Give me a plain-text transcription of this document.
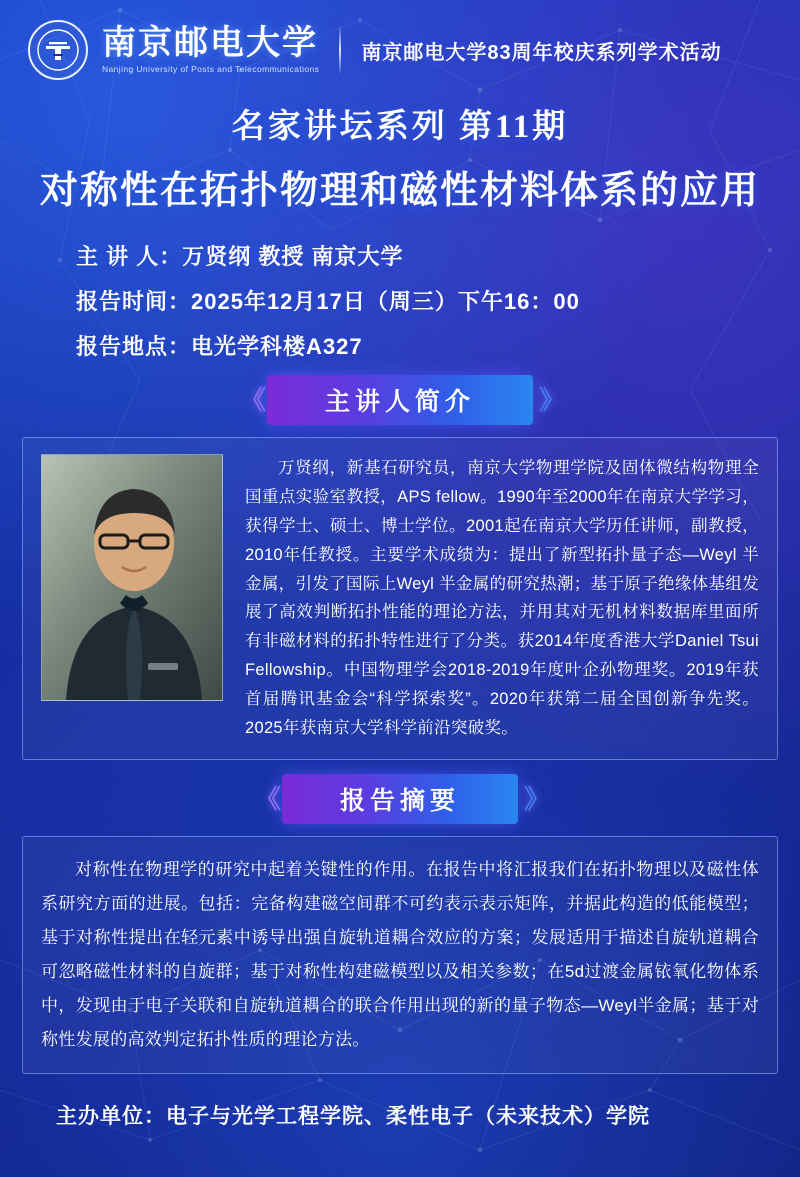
南京邮电大学
Nanjing University of Posts and Telecommunications
南京邮电大学83周年校庆系列学术活动
名家讲坛系列 第11期
对称性在拓扑物理和磁性材料体系的应用
主 讲 人：万贤纲 教授 南京大学
报告时间：2025年12月17日（周三）下午16：00
报告地点：电光学科楼A327
《	主讲人简介	》
万贤纲，新基石研究员，南京大学物理学院及固体微结构物理全国重点实验室教授，APS fellow。1990年至2000年在南京大学学习，获得学士、硕士、博士学位。2001起在南京大学历任讲师，副教授，2010年任教授。主要学术成绩为：提出了新型拓扑量子态—Weyl 半金属，引发了国际上Weyl 半金属的研究热潮；基于原子绝缘体基组发展了高效判断拓扑性能的理论方法，并用其对无机材料数据库里面所有非磁材料的拓扑特性进行了分类。获2014年度香港大学Daniel Tsui Fellowship。中国物理学会2018-2019年度叶企孙物理奖。2019年获首届腾讯基金会“科学探索奖”。2020年获第二届全国创新争先奖。2025年获南京大学科学前沿突破奖。
《	报告摘要	》
对称性在物理学的研究中起着关键性的作用。在报告中将汇报我们在拓扑物理以及磁性体系研究方面的进展。包括：完备构建磁空间群不可约表示表示矩阵，并据此构造的低能模型；基于对称性提出在轻元素中诱导出强自旋轨道耦合效应的方案；发展适用于描述自旋轨道耦合可忽略磁性材料的自旋群；基于对称性构建磁模型以及相关参数；在5d过渡金属铱氧化物体系中，发现由于电子关联和自旋轨道耦合的联合作用出现的新的量子物态—Weyl半金属；基于对称性发展的高效判定拓扑性质的理论方法。
主办单位：电子与光学工程学院、柔性电子（未来技术）学院
